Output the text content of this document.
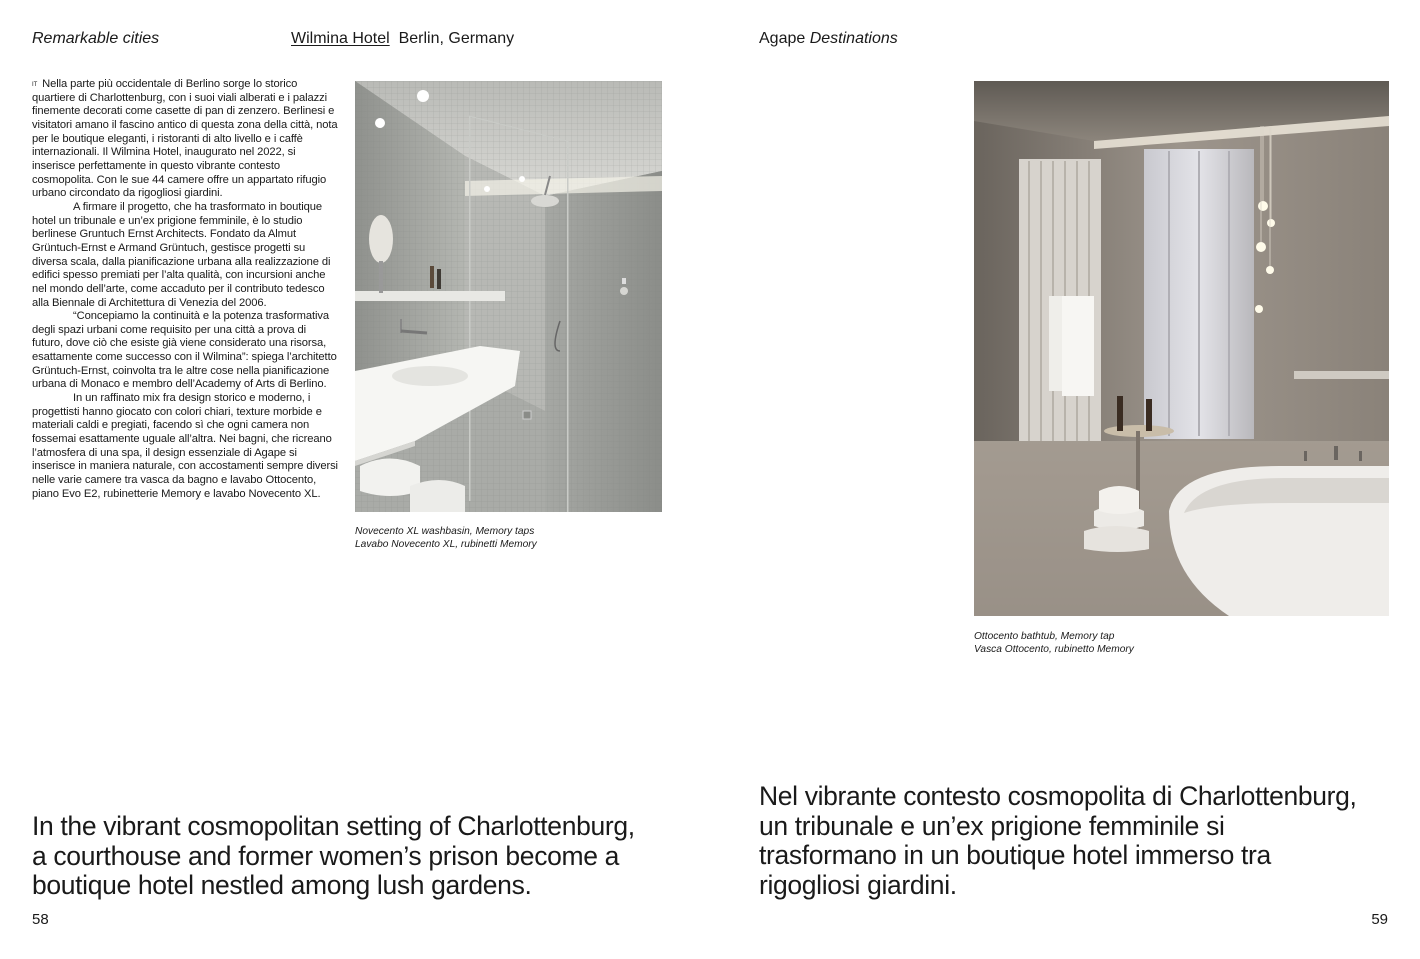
Remarkable cities	Wilmina Hotel Berlin, Germany	Agape Destinations

$^{IT}$ Nella parte più occidentale di Berlino sorge lo storico quartiere di Charlottenburg, con i suoi viali alberati e i palazzi finemente decorati come casette di pan di zenzero. Berlinesi e visitatori amano il fascino antico di questa zona della città, nota per le boutique eleganti, i ristoranti di alto livello e i caffè internazionali. Il Wilmina Hotel, inaugurato nel 2022, si inserisce perfettamente in questo vibrante contesto cosmopolita. Con le sue 44 camere offre un appartato rifugio urbano circondato da rigogliosi giardini.

A firmare il progetto, che ha trasformato in boutique hotel un tribunale e un’ex prigione femminile, è lo studio berlinese Gruntuch Ernst Architects. Fondato da Almut Grüntuch-Ernst e Armand Grüntuch, gestisce progetti su diversa scala, dalla pianificazione urbana alla realizzazione di edifici spesso premiati per l’alta qualità, con incursioni anche nel mondo dell’arte, come accaduto per il contributo tedesco alla Biennale di Architettura di Venezia del 2006.

“Concepiamo la continuità e la potenza trasformativa degli spazi urbani come requisito per una città a prova di futuro, dove ciò che esiste già viene considerato una risorsa, esattamente come successo con il Wilmina”: spiega l’architetto Grüntuch-Ernst, coinvolta tra le altre cose nella pianificazione urbana di Monaco e membro dell’Academy of Arts di Berlino.

In un raffinato mix fra design storico e moderno, i progettisti hanno giocato con colori chiari, texture morbide e materiali caldi e pregiati, facendo sì che ogni camera non fossemai esattamente uguale all’altra. Nei bagni, che ricreano l’atmosfera di una spa, il design essenziale di Agape si inserisce in maniera naturale, con accostamenti sempre diversi nelle varie camere tra vasca da bagno e lavabo Ottocento, piano Evo E2, rubinetterie Memory e lavabo Novecento XL.

Novecento XL washbasin, Memory taps
Lavabo Novecento XL, rubinetti Memory
Ottocento bathtub, Memory tap
Vasca Ottocento, rubinetto Memory
In the vibrant cosmopolitan setting of Charlottenburg,
a courthouse and former women’s prison become a
boutique hotel nestled among lush gardens.
Nel vibrante contesto cosmopolita di Charlottenburg,
un tribunale e un’ex prigione femminile si
trasformano in un boutique hotel immerso tra
rigogliosi giardini.
58	59
